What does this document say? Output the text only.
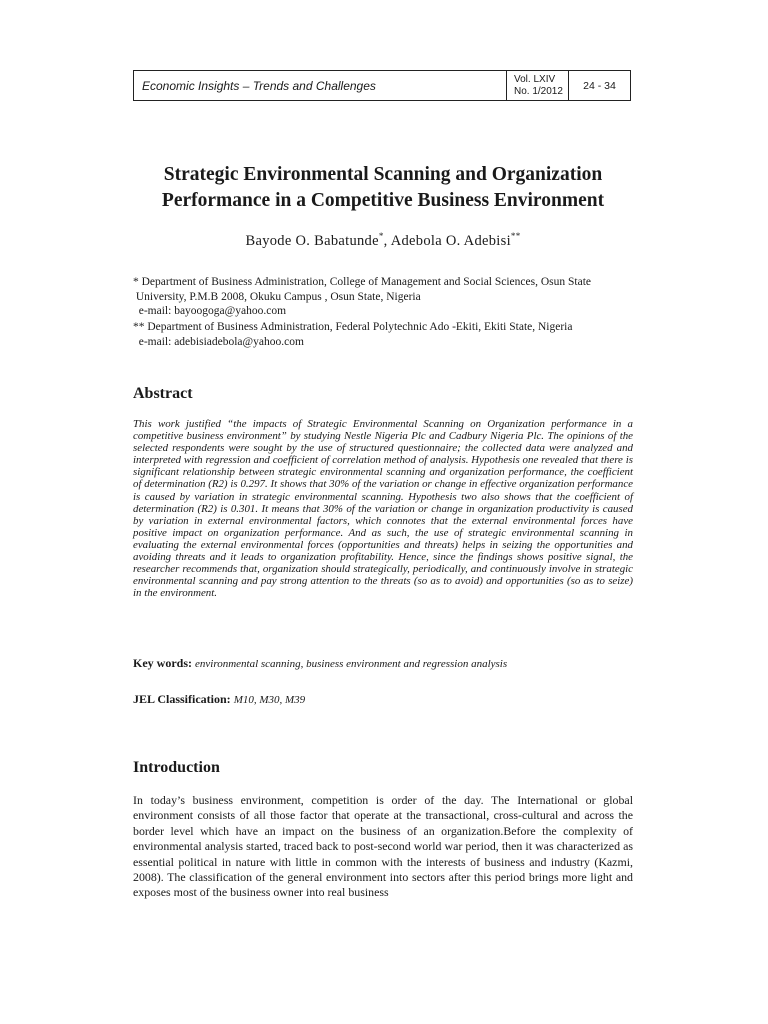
Economic Insights – Trends and Challenges	Vol. LXIV
No. 1/2012	24 - 34
Strategic Environmental Scanning and Organization
Performance in a Competitive Business Environment
Bayode O. Babatunde*, Adebola O. Adebisi**

* Department of Business Administration, College of Management and Social Sciences, Osun State

University, P.M.B 2008, Okuku Campus , Osun State, Nigeria

e-mail: bayoogoga@yahoo.com

** Department of Business Administration, Federal Polytechnic Ado -Ekiti, Ekiti State, Nigeria

e-mail: adebisiadebola@yahoo.com

Abstract

This work justified “the impacts of Strategic Environmental Scanning on Organization performance in a competitive business environment” by studying Nestle Nigeria Plc and Cadbury Nigeria Plc. The opinions of the selected respondents were sought by the use of structured questionnaire; the collected data were analyzed and interpreted with regression and coefficient of correlation method of analysis. Hypothesis one revealed that there is significant relationship between strategic environmental scanning and organization performance, the coefficient of determination (R2) is 0.297. It shows that 30% of the variation or change in effective organization performance is caused by variation in strategic environmental scanning. Hypothesis two also shows that the coefficient of determination (R2) is 0.301. It means that 30% of the variation or change in organization productivity is caused by variation in external environmental factors, which connotes that the external environmental forces have positive impact on organization performance. And as such, the use of strategic environmental scanning in evaluating the external environmental forces (opportunities and threats) helps in seizing the opportunities and avoiding threats and it leads to organization profitability. Hence, since the findings shows positive signal, the researcher recommends that, organization should strategically, periodically, and continuously involve in strategic environmental scanning and pay strong attention to the threats (so as to avoid) and opportunities (so as to seize) in the environment.

Key words: environmental scanning, business environment and regression analysis
JEL Classification: M10, M30, M39
Introduction

In today’s business environment, competition is order of the day. The International or global environment consists of all those factor that operate at the transactional, cross-cultural and across the border level which have an impact on the business of an organization.Before the complexity of environmental analysis started, traced back to post-second world war period, then it was characterized as essential political in nature with little in common with the interests of business and industry (Kazmi, 2008). The classification of the general environment into sectors after this period brings more light and exposes most of the business owner into real business
